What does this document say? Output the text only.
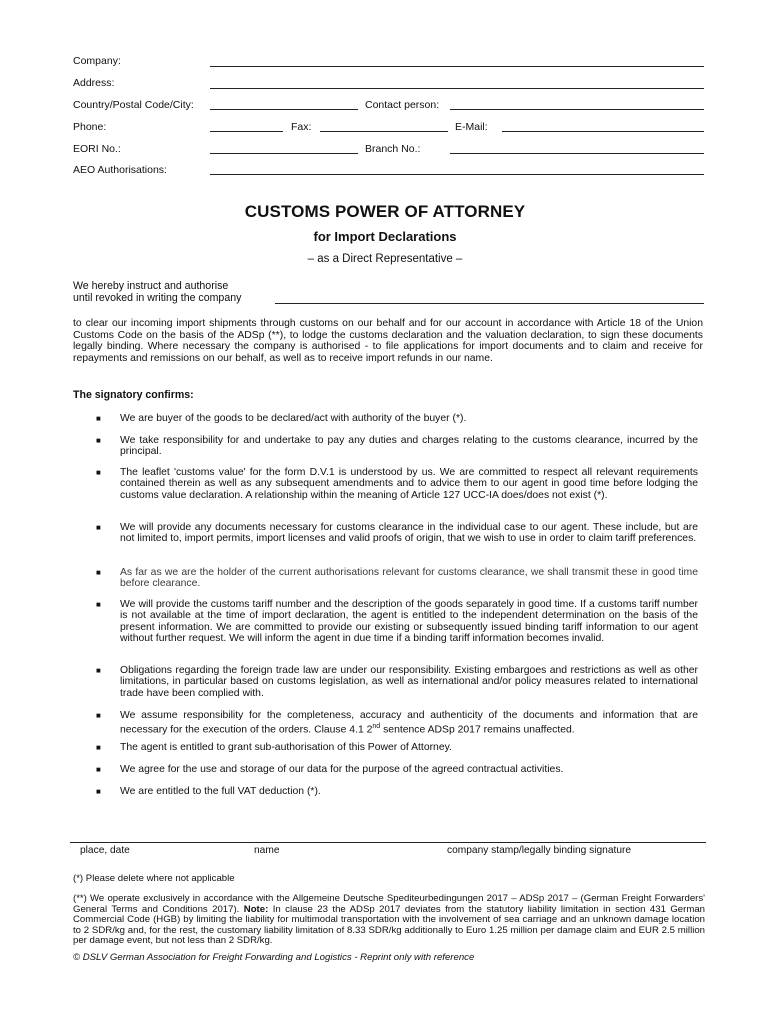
Company:
Address:
Country/Postal Code/City:	Contact person:
Phone:	Fax:	E-Mail:
EORI No.:	Branch No.:
AEO Authorisations:
CUSTOMS POWER OF ATTORNEY
for Import Declarations
– as a Direct Representative –
We hereby instruct and authorise
until revoked in writing the company
to clear our incoming import shipments through customs on our behalf and for our account in accordance with Article 18 of the Union Customs Code on the basis of the ADSp (**), to lodge the customs declaration and the valuation declaration, to sign these documents legally binding. Where necessary the company is authorised - to file applications for import documents and to claim and receive for repayments and remissions on our behalf, as well as to receive import refunds in our name.
The signatory confirms:
■ We are buyer of the goods to be declared/act with authority of the buyer (*).
■ We take responsibility for and undertake to pay any duties and charges relating to the customs clearance, incurred by the principal.
■ The leaflet 'customs value' for the form D.V.1 is understood by us. We are committed to respect all relevant requirements contained therein as well as any subsequent amendments and to advice them to our agent in good time before lodging the customs value declaration. A relationship within the meaning of Article 127 UCC-IA does/does not exist (*).
■ We will provide any documents necessary for customs clearance in the individual case to our agent. These include, but are not limited to, import permits, import licenses and valid proofs of origin, that we wish to use in order to claim tariff preferences.
■ As far as we are the holder of the current authorisations relevant for customs clearance, we shall transmit these in good time before clearance.
■ We will provide the customs tariff number and the description of the goods separately in good time. If a customs tariff number is not available at the time of import declaration, the agent is entitled to the independent determination on the basis of the present information. We are committed to provide our existing or subsequently issued binding tariff information to our agent without further request. We will inform the agent in due time if a binding tariff information becomes invalid.
■ Obligations regarding the foreign trade law are under our responsibility. Existing embargoes and restrictions as well as other limitations, in particular based on customs legislation, as well as international and/or policy measures related to international trade have been complied with.
■ We assume responsibility for the completeness, accuracy and authenticity of the documents and information that are necessary for the execution of the orders. Clause 4.1 2nd sentence ADSp 2017 remains unaffected.
■ The agent is entitled to grant sub-authorisation of this Power of Attorney.
■ We agree for the use and storage of our data for the purpose of the agreed contractual activities.
■ We are entitled to the full VAT deduction (*).
place, date	name	company stamp/legally binding signature
(*) Please delete where not applicable
(**) We operate exclusively in accordance with the Allgemeine Deutsche Spediteurbedingungen 2017 – ADSp 2017 – (German Freight Forwarders' General Terms and Conditions 2017). Note: In clause 23 the ADSp 2017 deviates from the statutory liability limitation in section 431 German Commercial Code (HGB) by limiting the liability for multimodal transportation with the involvement of sea carriage and an unknown damage location to 2 SDR/kg and, for the rest, the customary liability limitation of 8.33 SDR/kg additionally to Euro 1.25 million per damage claim and EUR 2.5 million per damage event, but not less than 2 SDR/kg.
© DSLV German Association for Freight Forwarding and Logistics - Reprint only with reference
